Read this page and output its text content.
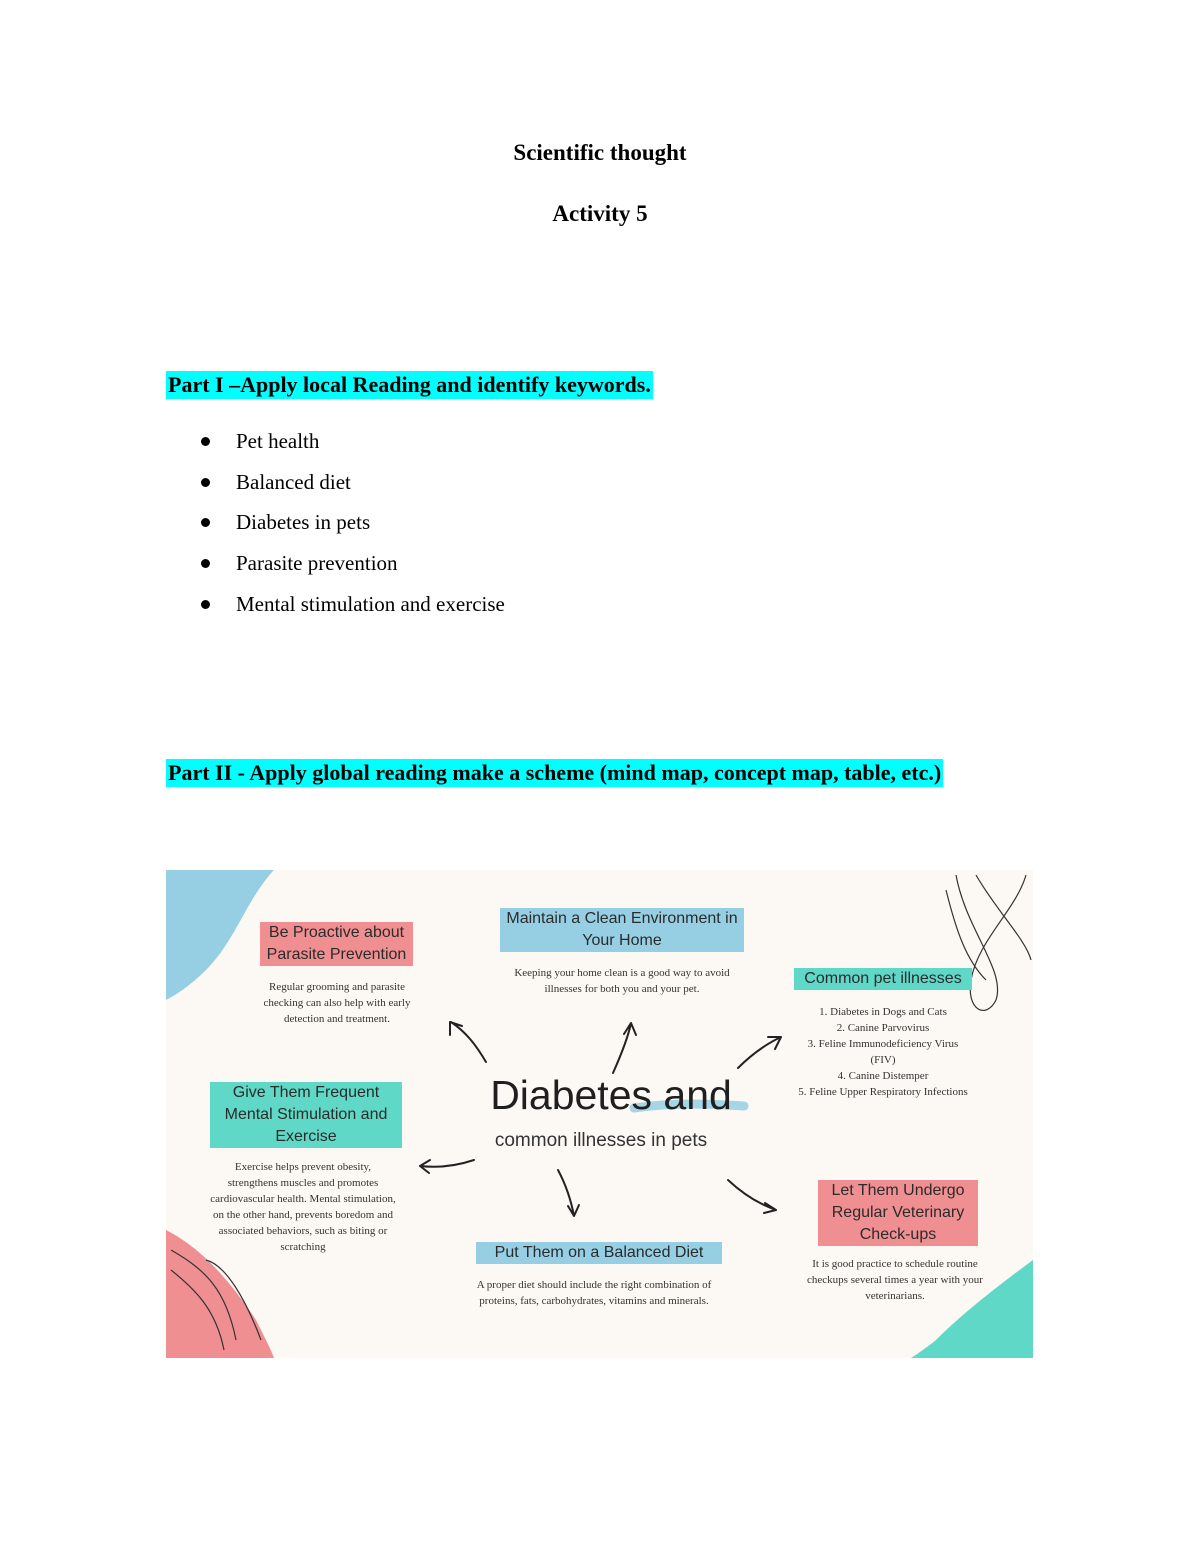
Scientific thought
Activity 5
Part I –Apply local Reading and identify keywords.
Pet health
Balanced diet
Diabetes in pets
Parasite prevention
Mental stimulation and exercise
Part II - Apply global reading make a scheme (mind map, concept map, table, etc.)
Diabetes and
common illnesses in pets
Be Proactive about Parasite Prevention
Regular grooming and parasite checking can also help with early detection and treatment.
Maintain a Clean Environment in Your Home
Keeping your home clean is a good way to avoid illnesses for both you and your pet.
Common pet illnesses
1. Diabetes in Dogs and Cats
2. Canine Parvovirus
3. Feline Immunodeficiency Virus (FIV)
4. Canine Distemper
5. Feline Upper Respiratory Infections
Give Them Frequent Mental Stimulation and Exercise
Exercise helps prevent obesity, strengthens muscles and promotes cardiovascular health. Mental stimulation, on the other hand, prevents boredom and associated behaviors, such as biting or scratching	Put Them on a Balanced Diet
A proper diet should include the right combination of proteins, fats, carbohydrates, vitamins and minerals.
Let Them Undergo Regular Veterinary Check-ups
It is good practice to schedule routine checkups several times a year with your veterinarians.
